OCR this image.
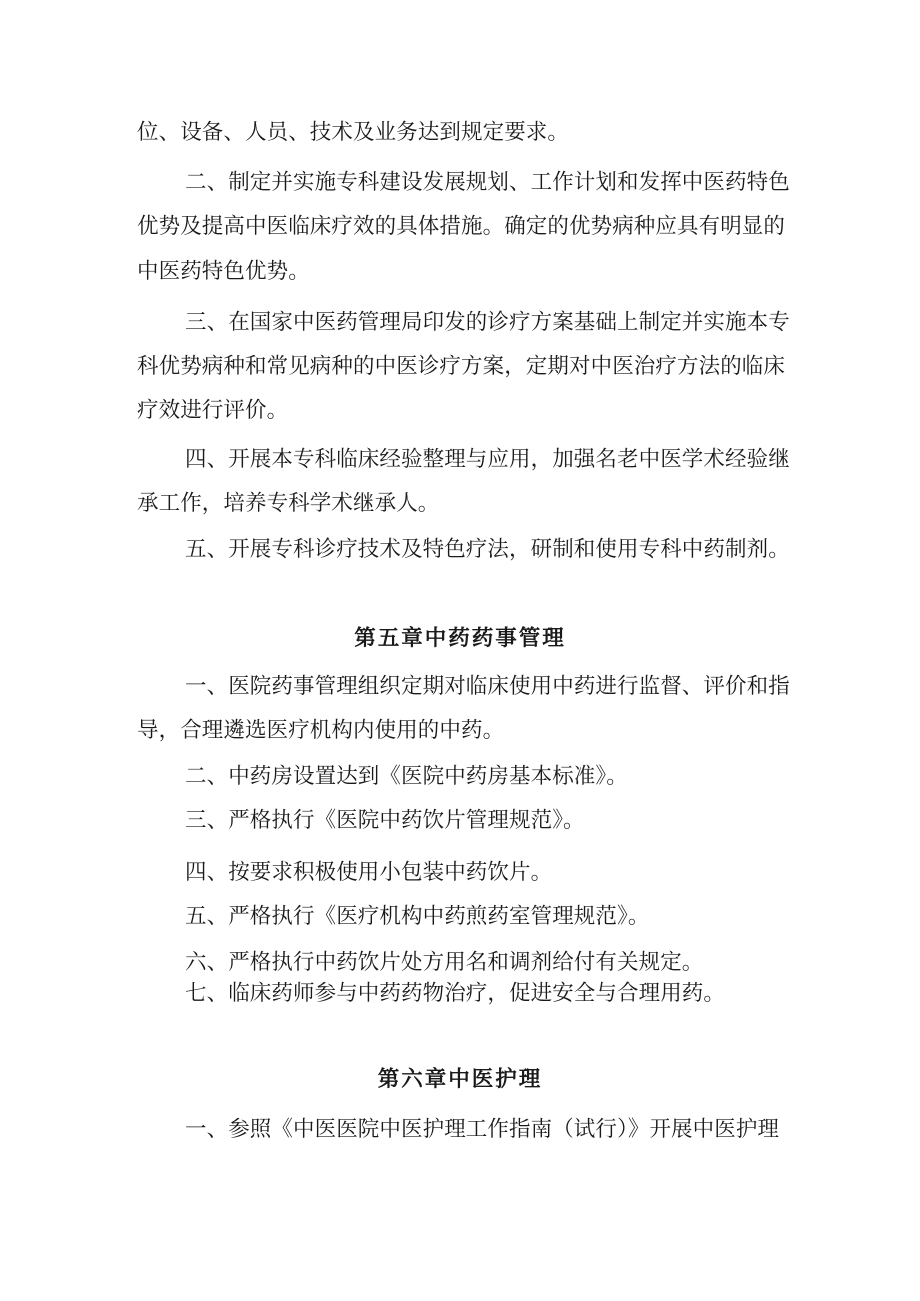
位、设备、人员、技术及业务达到规定要求。
二、制定并实施专科建设发展规划、工作计划和发挥中医药特色
优势及提高中医临床疗效的具体措施。确定的优势病种应具有明显的
中医药特色优势。
三、在国家中医药管理局印发的诊疗方案基础上制定并实施本专
科优势病种和常见病种的中医诊疗方案，定期对中医治疗方法的临床
疗效进行评价。
四、开展本专科临床经验整理与应用，加强名老中医学术经验继
承工作，培养专科学术继承人。
五、开展专科诊疗技术及特色疗法，研制和使用专科中药制剂。
第五章中药药事管理
一、医院药事管理组织定期对临床使用中药进行监督、评价和指
导，合理遴选医疗机构内使用的中药。
二、中药房设置达到《医院中药房基本标准》。
三、严格执行《医院中药饮片管理规范》。
四、按要求积极使用小包装中药饮片。
五、严格执行《医疗机构中药煎药室管理规范》。
六、严格执行中药饮片处方用名和调剂给付有关规定。
七、临床药师参与中药药物治疗，促进安全与合理用药。
第六章中医护理
一、参照《中医医院中医护理工作指南（试行）》开展中医护理
